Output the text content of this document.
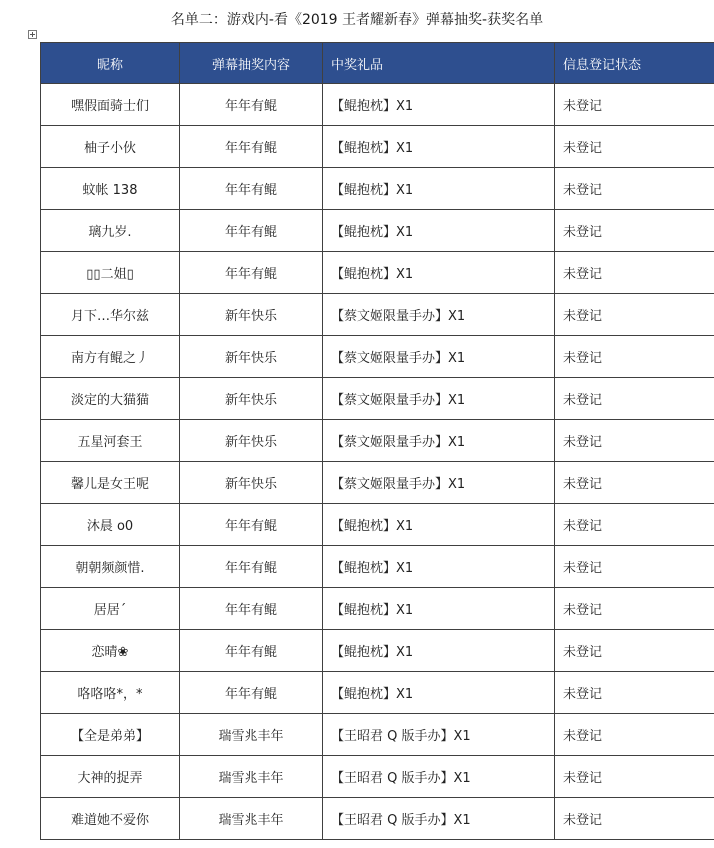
名单二：游戏内-看《2019 王者耀新春》弹幕抽奖-获奖名单
昵称	弹幕抽奖内容	中奖礼品	信息登记状态
嘿假面骑士们	年年有鲲	【鲲抱枕】X1	未登记
柚子小伙	年年有鲲	【鲲抱枕】X1	未登记
蚊帐 138	年年有鲲	【鲲抱枕】X1	未登记
璃九岁.	年年有鲲	【鲲抱枕】X1	未登记
▯▯二姐▯	年年有鲲	【鲲抱枕】X1	未登记
月下…华尔兹	新年快乐	【蔡文姬限量手办】X1	未登记
南方有鲲之丿	新年快乐	【蔡文姬限量手办】X1	未登记
淡定的大猫猫	新年快乐	【蔡文姬限量手办】X1	未登记
五星河套王	新年快乐	【蔡文姬限量手办】X1	未登记
馨儿是女王呢	新年快乐	【蔡文姬限量手办】X1	未登记
沐晨 o0	年年有鲲	【鲲抱枕】X1	未登记
朝朝频颜惜.	年年有鲲	【鲲抱枕】X1	未登记
居居´	年年有鲲	【鲲抱枕】X1	未登记
恋晴❀	年年有鲲	【鲲抱枕】X1	未登记
咯咯咯*，*	年年有鲲	【鲲抱枕】X1	未登记
【全是弟弟】	瑞雪兆丰年	【王昭君 Q 版手办】X1	未登记
大神的捉弄	瑞雪兆丰年	【王昭君 Q 版手办】X1	未登记
难道她不爱你	瑞雪兆丰年	【王昭君 Q 版手办】X1	未登记
